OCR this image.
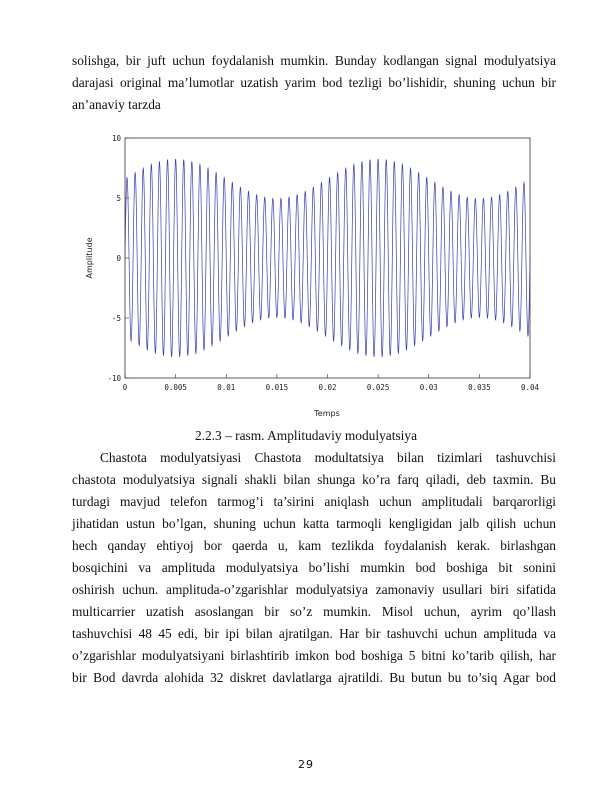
solishga, bir juft uchun foydalanish mumkin. Bunday kodlangan signal modulyatsiya
darajasi original ma’lumotlar uzatish yarim bod tezligi bo’lishidir, shuning uchun bir
an’anaviy tarzda
10
5
0
-5
-10
0	0.005	0.01	0.015	0.02	0.025	0.03	0.035	0.04
Amplitude
Temps
2.2.3 – rasm. Amplitudaviy modulyatsiya
Chastota modulyatsiyasi Chastota modultatsiya bilan tizimlari tashuvchisi
chastota modulyatsiya signali shakli bilan shunga ko’ra farq qiladi, deb taxmin. Bu
turdagi mavjud telefon tarmog’i ta’sirini aniqlash uchun amplitudali barqarorligi
jihatidan ustun bo’lgan, shuning uchun katta tarmoqli kengligidan jalb qilish uchun
hech qanday ehtiyoj bor qaerda u, kam tezlikda foydalanish kerak. birlashgan
bosqichini va amplituda modulyatsiya bo’lishi mumkin bod boshiga bit sonini
oshirish uchun. amplituda-o’zgarishlar modulyatsiya zamonaviy usullari biri sifatida
multicarrier uzatish asoslangan bir so’z mumkin. Misol uchun, ayrim qo’llash
tashuvchisi 48 45 edi, bir ipi bilan ajratilgan. Har bir tashuvchi uchun amplituda va
o’zgarishlar modulyatsiyani birlashtirib imkon bod boshiga 5 bitni ko’tarib qilish, har
bir Bod davrda alohida 32 diskret davlatlarga ajratildi. Bu butun bu to’siq Agar bod
29
